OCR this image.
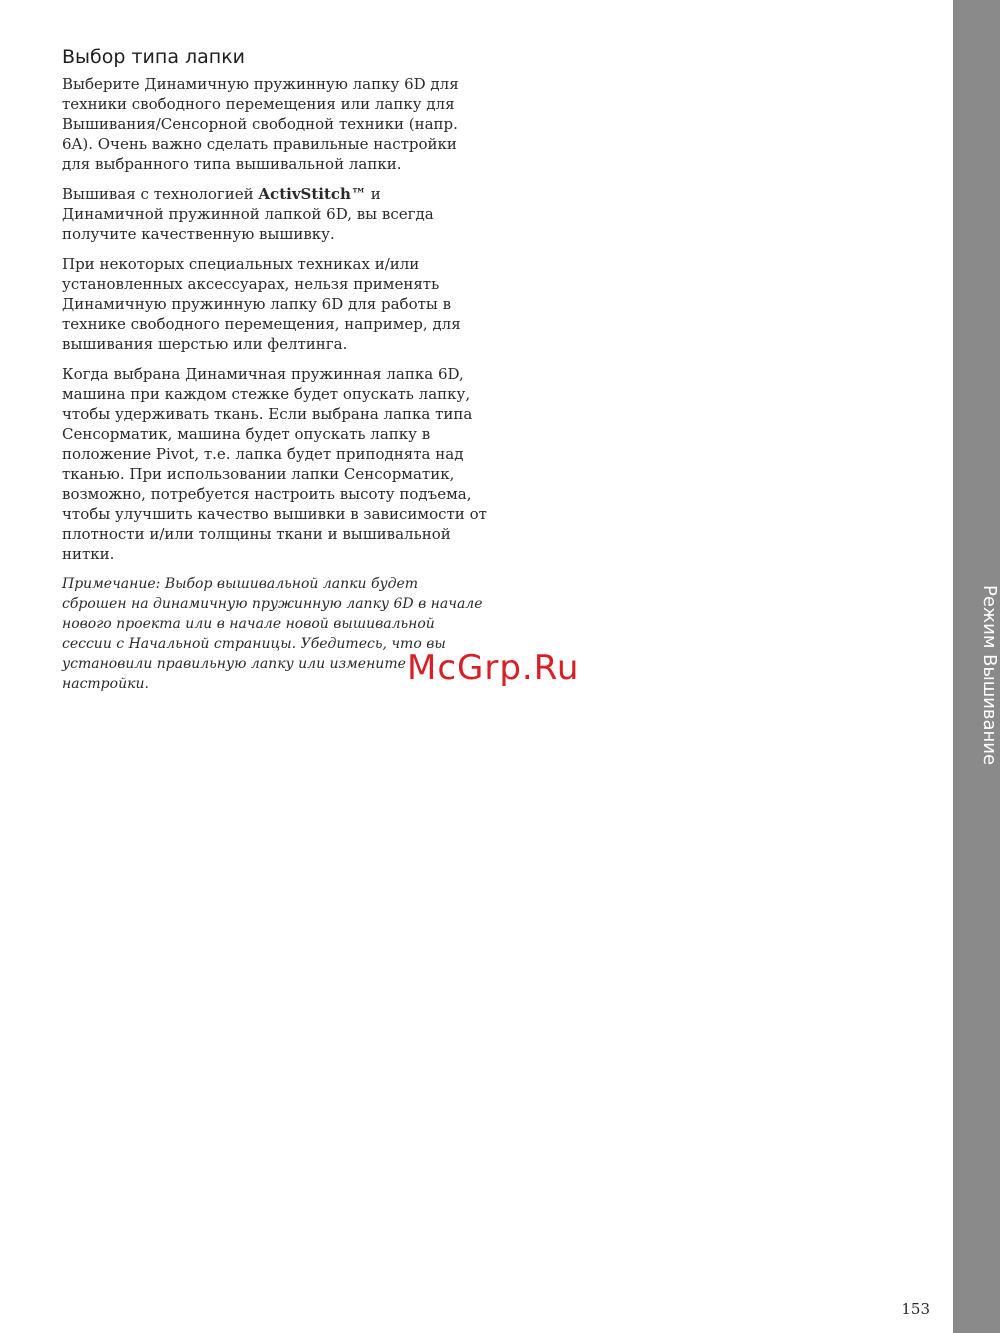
Выбор типа лапки

Выберите Динамичную пружинную лапку 6D для техники свободного перемещения или лапку для Вышивания/Сенсорной свободной техники (напр. 6A). Очень важно сделать правильные настройки для выбранного типа вышивальной лапки.

Вышивая с технологией ActivStitch™ и Динамичной пружинной лапкой 6D, вы всегда получите качественную вышивку.

При некоторых специальных техниках и/или установленных аксессуарах, нельзя применять Динамичную пружинную лапку 6D для работы в технике свободного перемещения, например, для вышивания шерстью или фелтинга.

Когда выбрана Динамичная пружинная лапка 6D, машина при каждом стежке будет опускать лапку, чтобы удерживать ткань. Если выбрана лапка типа Сенсорматик, машина будет опускать лапку в положение Pivot, т.е. лапка будет приподнята над тканью. При использовании лапки Сенсорматик, возможно, потребуется настроить высоту подъема, чтобы улучшить качество вышивки в зависимости от плотности и/или толщины ткани и вышивальной нитки.

Примечание: Выбор вышивальной лапки будет сброшен на динамичную пружинную лапку 6D в начале нового проекта или в начале новой вышивальной сессии с Начальной страницы. Убедитесь, что вы установили правильную лапку или измените настройки.	McGrp.Ru	Режим Вышивание
153
